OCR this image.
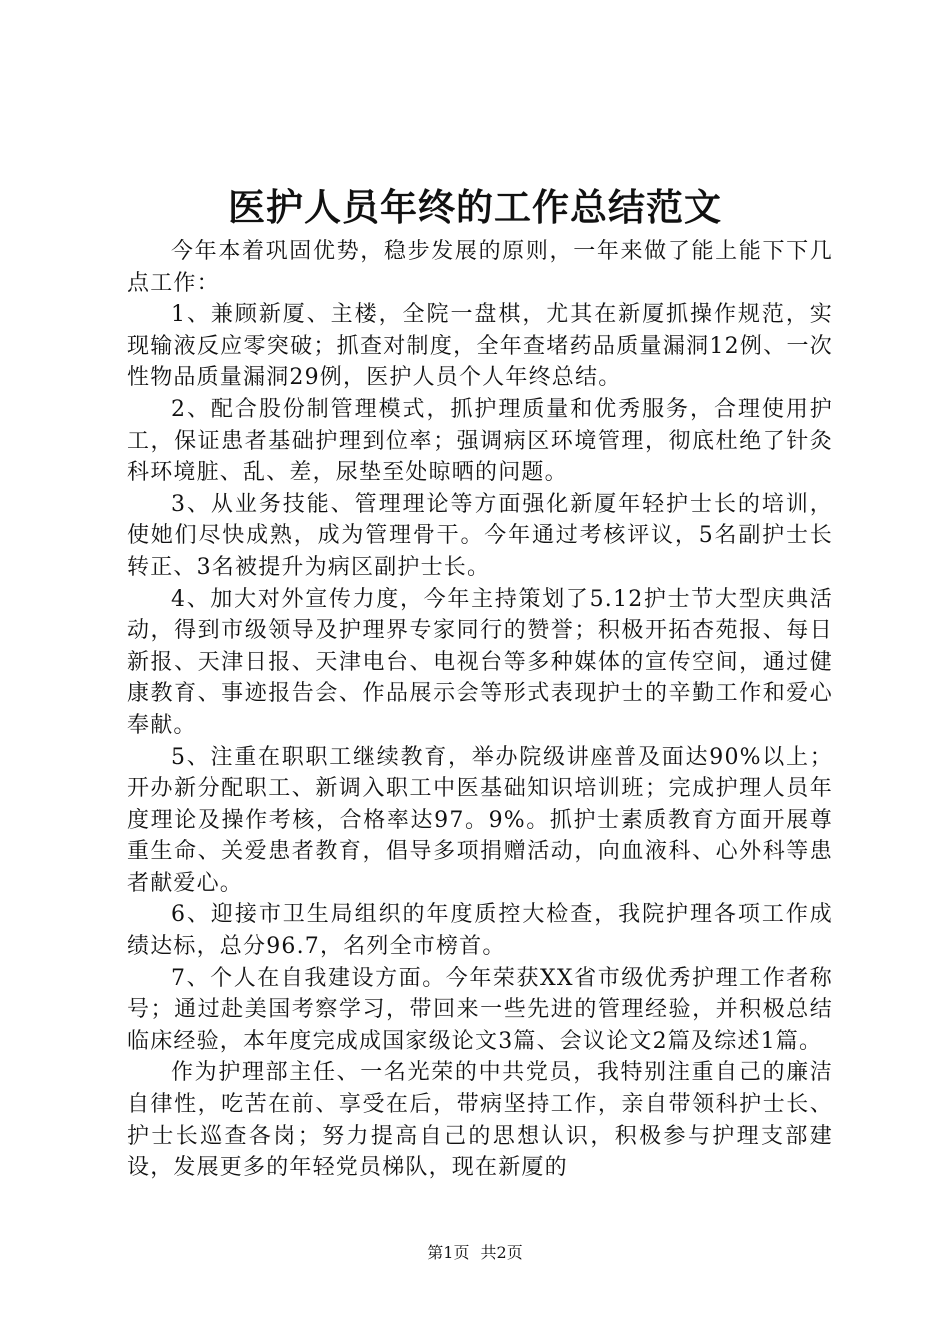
医护人员年终的工作总结范文

今年本着巩固优势，稳步发展的原则，一年来做了能上能下下几点工作：

1、兼顾新厦、主楼，全院一盘棋，尤其在新厦抓操作规范，实现输液反应零突破；抓查对制度，全年查堵药品质量漏洞12例、一次性物品质量漏洞29例，医护人员个人年终总结。

2、配合股份制管理模式，抓护理质量和优秀服务，合理使用护工，保证患者基础护理到位率；强调病区环境管理，彻底杜绝了针灸科环境脏、乱、差，尿垫至处晾晒的问题。

3、从业务技能、管理理论等方面强化新厦年轻护士长的培训，使她们尽快成熟，成为管理骨干。今年通过考核评议，5名副护士长转正、3名被提升为病区副护士长。

4、加大对外宣传力度，今年主持策划了5.12护士节大型庆典活动，得到市级领导及护理界专家同行的赞誉；积极开拓杏苑报、每日新报、天津日报、天津电台、电视台等多种媒体的宣传空间，通过健康教育、事迹报告会、作品展示会等形式表现护士的辛勤工作和爱心奉献。

5、注重在职职工继续教育，举办院级讲座普及面达90%以上；开办新分配职工、新调入职工中医基础知识培训班；完成护理人员年度理论及操作考核，合格率达97。9%。抓护士素质教育方面开展尊重生命、关爱患者教育，倡导多项捐赠活动，向血液科、心外科等患者献爱心。

6、迎接市卫生局组织的年度质控大检查，我院护理各项工作成绩达标，总分96.7，名列全市榜首。

7、个人在自我建设方面。今年荣获XX省市级优秀护理工作者称号；通过赴美国考察学习，带回来一些先进的管理经验，并积极总结临床经验，本年度完成成国家级论文3篇、会议论文2篇及综述1篇。

作为护理部主任、一名光荣的中共党员，我特别注重自己的廉洁自律性，吃苦在前、享受在后，带病坚持工作，亲自带领科护士长、护士长巡查各岗；努力提高自己的思想认识，积极参与护理支部建设，发展更多的年轻党员梯队，现在新厦的

第1页 共2页
